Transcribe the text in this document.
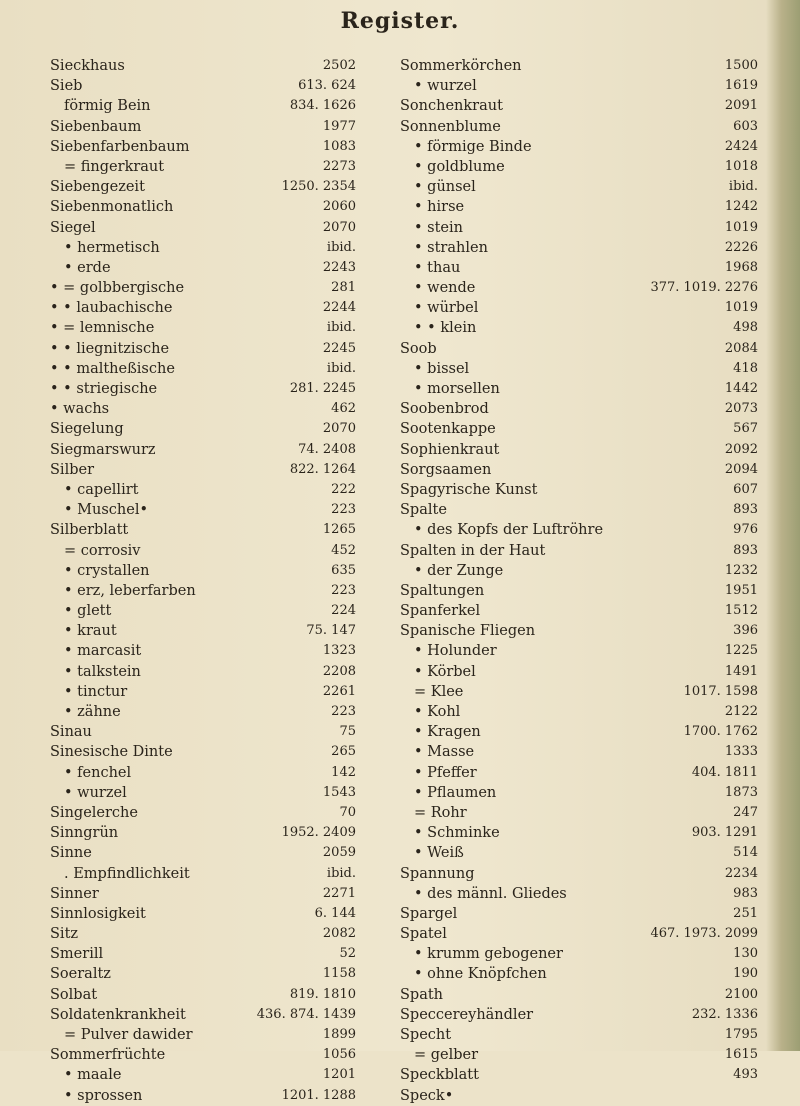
Register.
Sieckhaus	2502
Sieb	613. 624
förmig Bein	834. 1626
Siebenbaum	1977
Siebenfarbenbaum	1083
= fingerkraut	2273
Siebengezeit	1250. 2354
Siebenmonatlich	2060
Siegel	2070
• hermetisch	ibid.
• erde	2243
• = golbbergische	281
• • laubachische	2244
• = lemnische	ibid.
• • liegnitzische	2245
• • maltheßische	ibid.
• • striegische	281. 2245
• wachs	462
Siegelung	2070
Siegmarswurz	74. 2408
Silber	822. 1264
• capellirt	222
• Muschel•	223
Silberblatt	1265
= corrosiv	452
• crystallen	635
• erz, leberfarben	223
• glett	224
• kraut	75. 147
• marcasit	1323
• talkstein	2208
• tinctur	2261
• zähne	223
Sinau	75
Sinesische Dinte	265
• fenchel	142
• wurzel	1543
Singelerche	70
Sinngrün	1952. 2409
Sinne	2059
. Empfindlichkeit	ibid.
Sinner	2271
Sinnlosigkeit	6. 144
Sitz	2082
Smerill	52
Soeraltz	1158
Solbat	819. 1810
Soldatenkrankheit	436. 874. 1439
= Pulver dawider	1899
Sommerfrüchte	1056
• maale	1201
• sprossen	1201. 1288
Sommerkörchen	1500
• wurzel	1619
Sonchenkraut	2091
Sonnenblume	603
• förmige Binde	2424
• goldblume	1018
• günsel	ibid.
• hirse	1242
• stein	1019
• strahlen	2226
• thau	1968
• wende	377. 1019. 2276
• würbel	1019
• • klein	498
Soob	2084
• bissel	418
• morsellen	1442
Soobenbrod	2073
Sootenkappe	567
Sophienkraut	2092
Sorgsaamen	2094
Spagyrische Kunst	607
Spalte	893
• des Kopfs der Luftröhre	976
Spalten in der Haut	893
• der Zunge	1232
Spaltungen	1951
Spanferkel	1512
Spanische Fliegen	396
• Holunder	1225
• Körbel	1491
= Klee	1017. 1598
• Kohl	2122
• Kragen	1700. 1762
• Masse	1333
• Pfeffer	404. 1811
• Pflaumen	1873
= Rohr	247
• Schminke	903. 1291
• Weiß	514
Spannung	2234
• des männl. Gliedes	983
Spargel	251
Spatel	467. 1973. 2099
• krumm gebogener	130
• ohne Knöpfchen	190
Spath	2100
Speccereyhändler	232. 1336
Specht	1795
= gelber	1615
Speckblatt	493
Speck•
